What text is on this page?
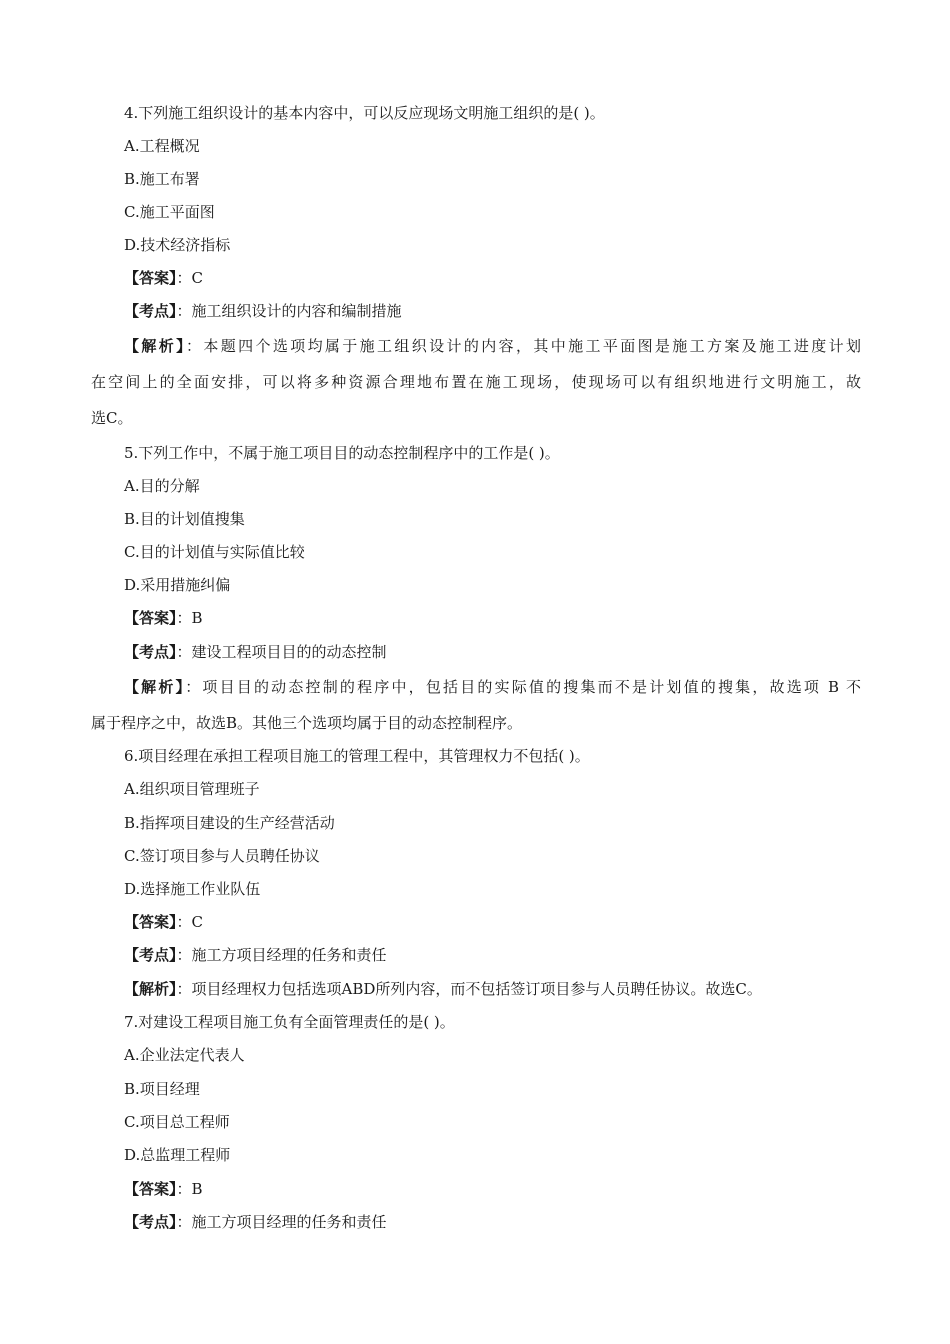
4.下列施工组织设计的基本内容中，可以反应现场文明施工组织的是( )。
A.工程概况
B.施工布署
C.施工平面图
D.技术经济指标
【答案】：C
【考点】：施工组织设计的内容和编制措施
【解析】：本题四个选项均属于施工组织设计的内容，其中施工平面图是施工方案及施工进度计划
在空间上的全面安排，可以将多种资源合理地布置在施工现场，使现场可以有组织地进行文明施工，故
选C。
5.下列工作中，不属于施工项目目的动态控制程序中的工作是( )。
A.目的分解
B.目的计划值搜集
C.目的计划值与实际值比较
D.采用措施纠偏
【答案】：B
【考点】：建设工程项目目的的动态控制
【解析】：项目目的动态控制的程序中，包括目的实际值的搜集而不是计划值的搜集，故选项 B 不
属于程序之中，故选B。其他三个选项均属于目的动态控制程序。
6.项目经理在承担工程项目施工的管理工程中，其管理权力不包括( )。
A.组织项目管理班子
B.指挥项目建设的生产经营活动
C.签订项目参与人员聘任协议
D.选择施工作业队伍
【答案】：C
【考点】：施工方项目经理的任务和责任
【解析】：项目经理权力包括选项ABD所列内容，而不包括签订项目参与人员聘任协议。故选C。
7.对建设工程项目施工负有全面管理责任的是( )。
A.企业法定代表人
B.项目经理
C.项目总工程师
D.总监理工程师
【答案】：B
【考点】：施工方项目经理的任务和责任
